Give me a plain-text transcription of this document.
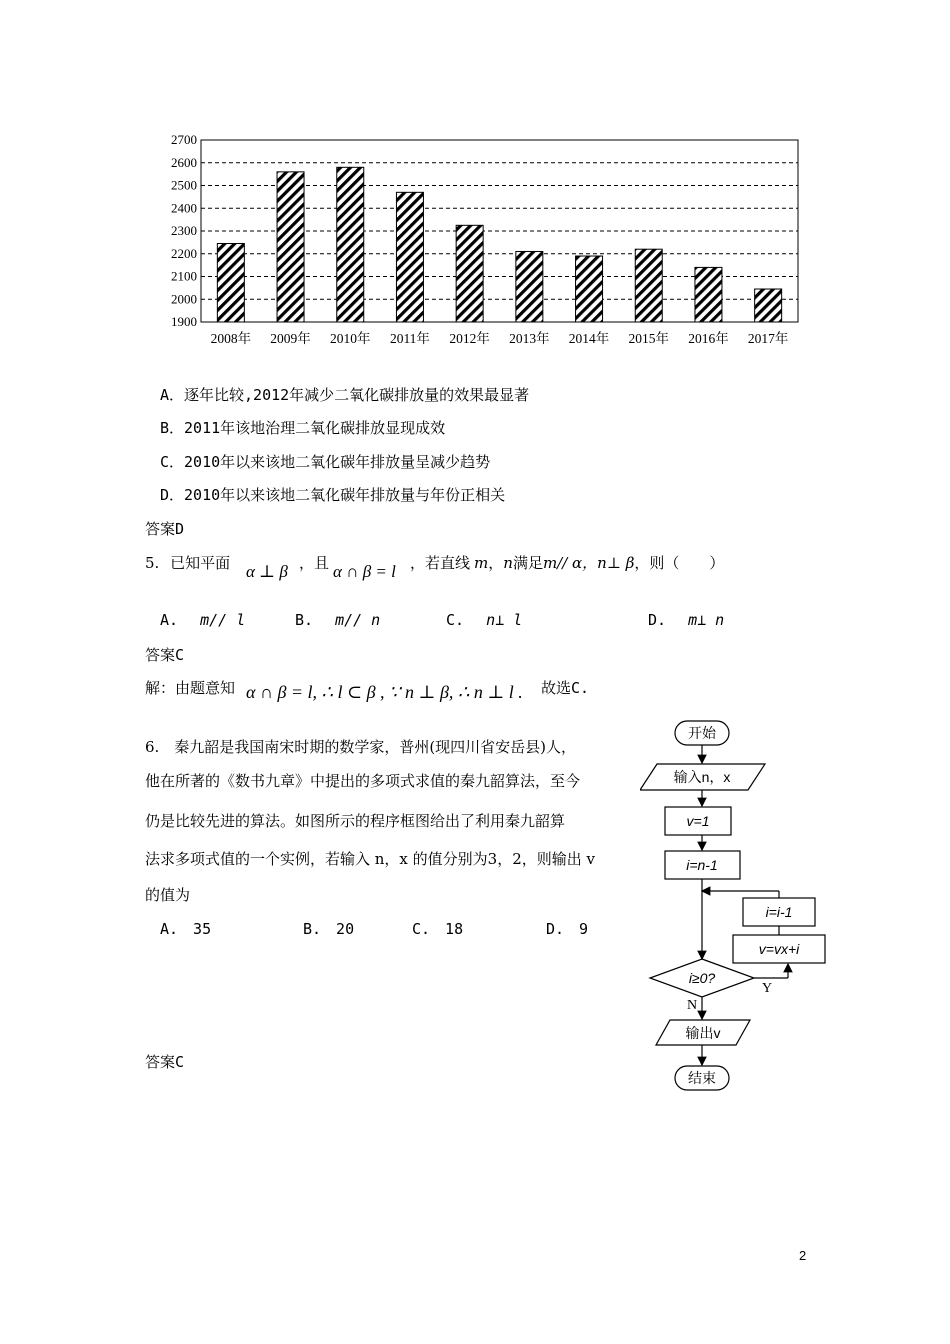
1900
2000
2100
2200
2300
2400
2500
2600
2700
2008年 2009年 2010年 2011年 2012年 2013年 2014年 2015年 2016年 2017年
A．逐年比较,2012年减少二氧化碳排放量的效果最显著
B．2011年该地治理二氧化碳排放显现成效
C．2010年以来该地二氧化碳年排放量呈减少趋势
D．2010年以来该地二氧化碳年排放量与年份正相关
答案D
5. 已知平面 α ⊥ β ，且 α ∩ β = l ，若直线 m，n满足m// α，n⊥ β，则（　　）
A. m// l	B. m// n	C. n⊥ l	D. m⊥ n
答案C
解：由题意知 α ∩ β = l, ∴ l ⊂ β , ∵ n ⊥ β, ∴ n ⊥ l . 故选C.
6.　秦九韶是我国南宋时期的数学家，普州(现四川省安岳县)人，
他在所著的《数书九章》中提出的多项式求值的秦九韶算法，至今
仍是比较先进的算法。如图所示的程序框图给出了利用秦九韶算
法求多项式值的一个实例，若输入 n，x 的值分别为3，2，则输出 v
的值为
A.　35	B.　20	C.　18	D.　9
答案C
开始
输入n，x
v=1
i=n-1
i=i-1
v=vx+i
i≥0?
Y
N
输出v
结束
2
